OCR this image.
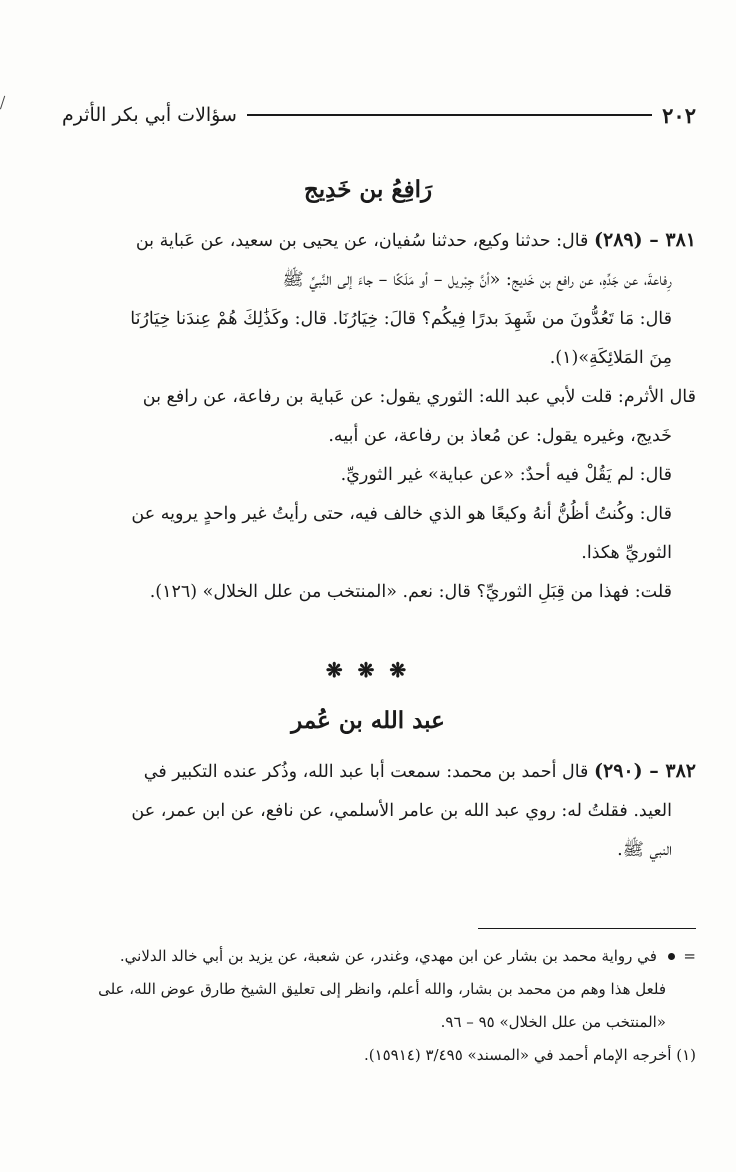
٢٠٢
سؤالات أبي بكر الأثرم
رَافِعُ بن خَدِيج

٣٨١ – (٢٨٩) قال: حدثنا وكيع، حدثنا سُفيان، عن يحيى بن سعيد، عن عَباية بن

رِفاعةَ، عن جَدِّهِ، عن رافع بن خَديج: «أنَّ جِبْريل – أو مَلَكًا – جاءَ إلى النَّبيِّ ﷺ

قال: مَا تَعُدُّونَ من شَهِدَ بدرًا فِيكُم؟ قالَ: خِيَارُنَا. قال: وكَذَٰلِكَ هُمْ عِندَنا خِيَارُنَا

مِنَ المَلائِكَةِ»(١).

قال الأثرم: قلت لأبي عبد الله: الثوري يقول: عن عَباية بن رفاعة، عن رافع بن

خَديج، وغيره يقول: عن مُعاذ بن رفاعة، عن أبيه.

قال: لم يَقُلْ فيه أحدٌ: «عن عباية» غير الثوريِّ.

قال: وكُنتُ أظُنُّ أنهُ وكيعًا هو الذي خالف فيه، حتى رأيتُ غير واحدٍ يرويه عن

الثوريِّ هكذا.

قلت: فهذا من قِبَلِ الثوريِّ؟ قال: نعم. «المنتخب من علل الخلال» (١٢٦).

❋ ❋ ❋
عبد الله بن عُمر

٣٨٢ – (٢٩٠) قال أحمد بن محمد: سمعت أبا عبد الله، وذُكر عنده التكبير في

العيد. فقلتُ له: روي عبد الله بن عامر الأسلمي، عن نافع، عن ابن عمر، عن

النبي ﷺ.

=  في رواية محمد بن بشار عن ابن مهدي، وغندر، عن شعبة، عن يزيد بن أبي خالد الدلاني.

فلعل هذا وهم من محمد بن بشار، والله أعلم، وانظر إلى تعليق الشيخ طارق عوض الله، على

«المنتخب من علل الخلال» ٩٥ – ٩٦.

(١) أخرجه الإمام أحمد في «المسند» ٣/٤٩٥ (١٥٩١٤).
